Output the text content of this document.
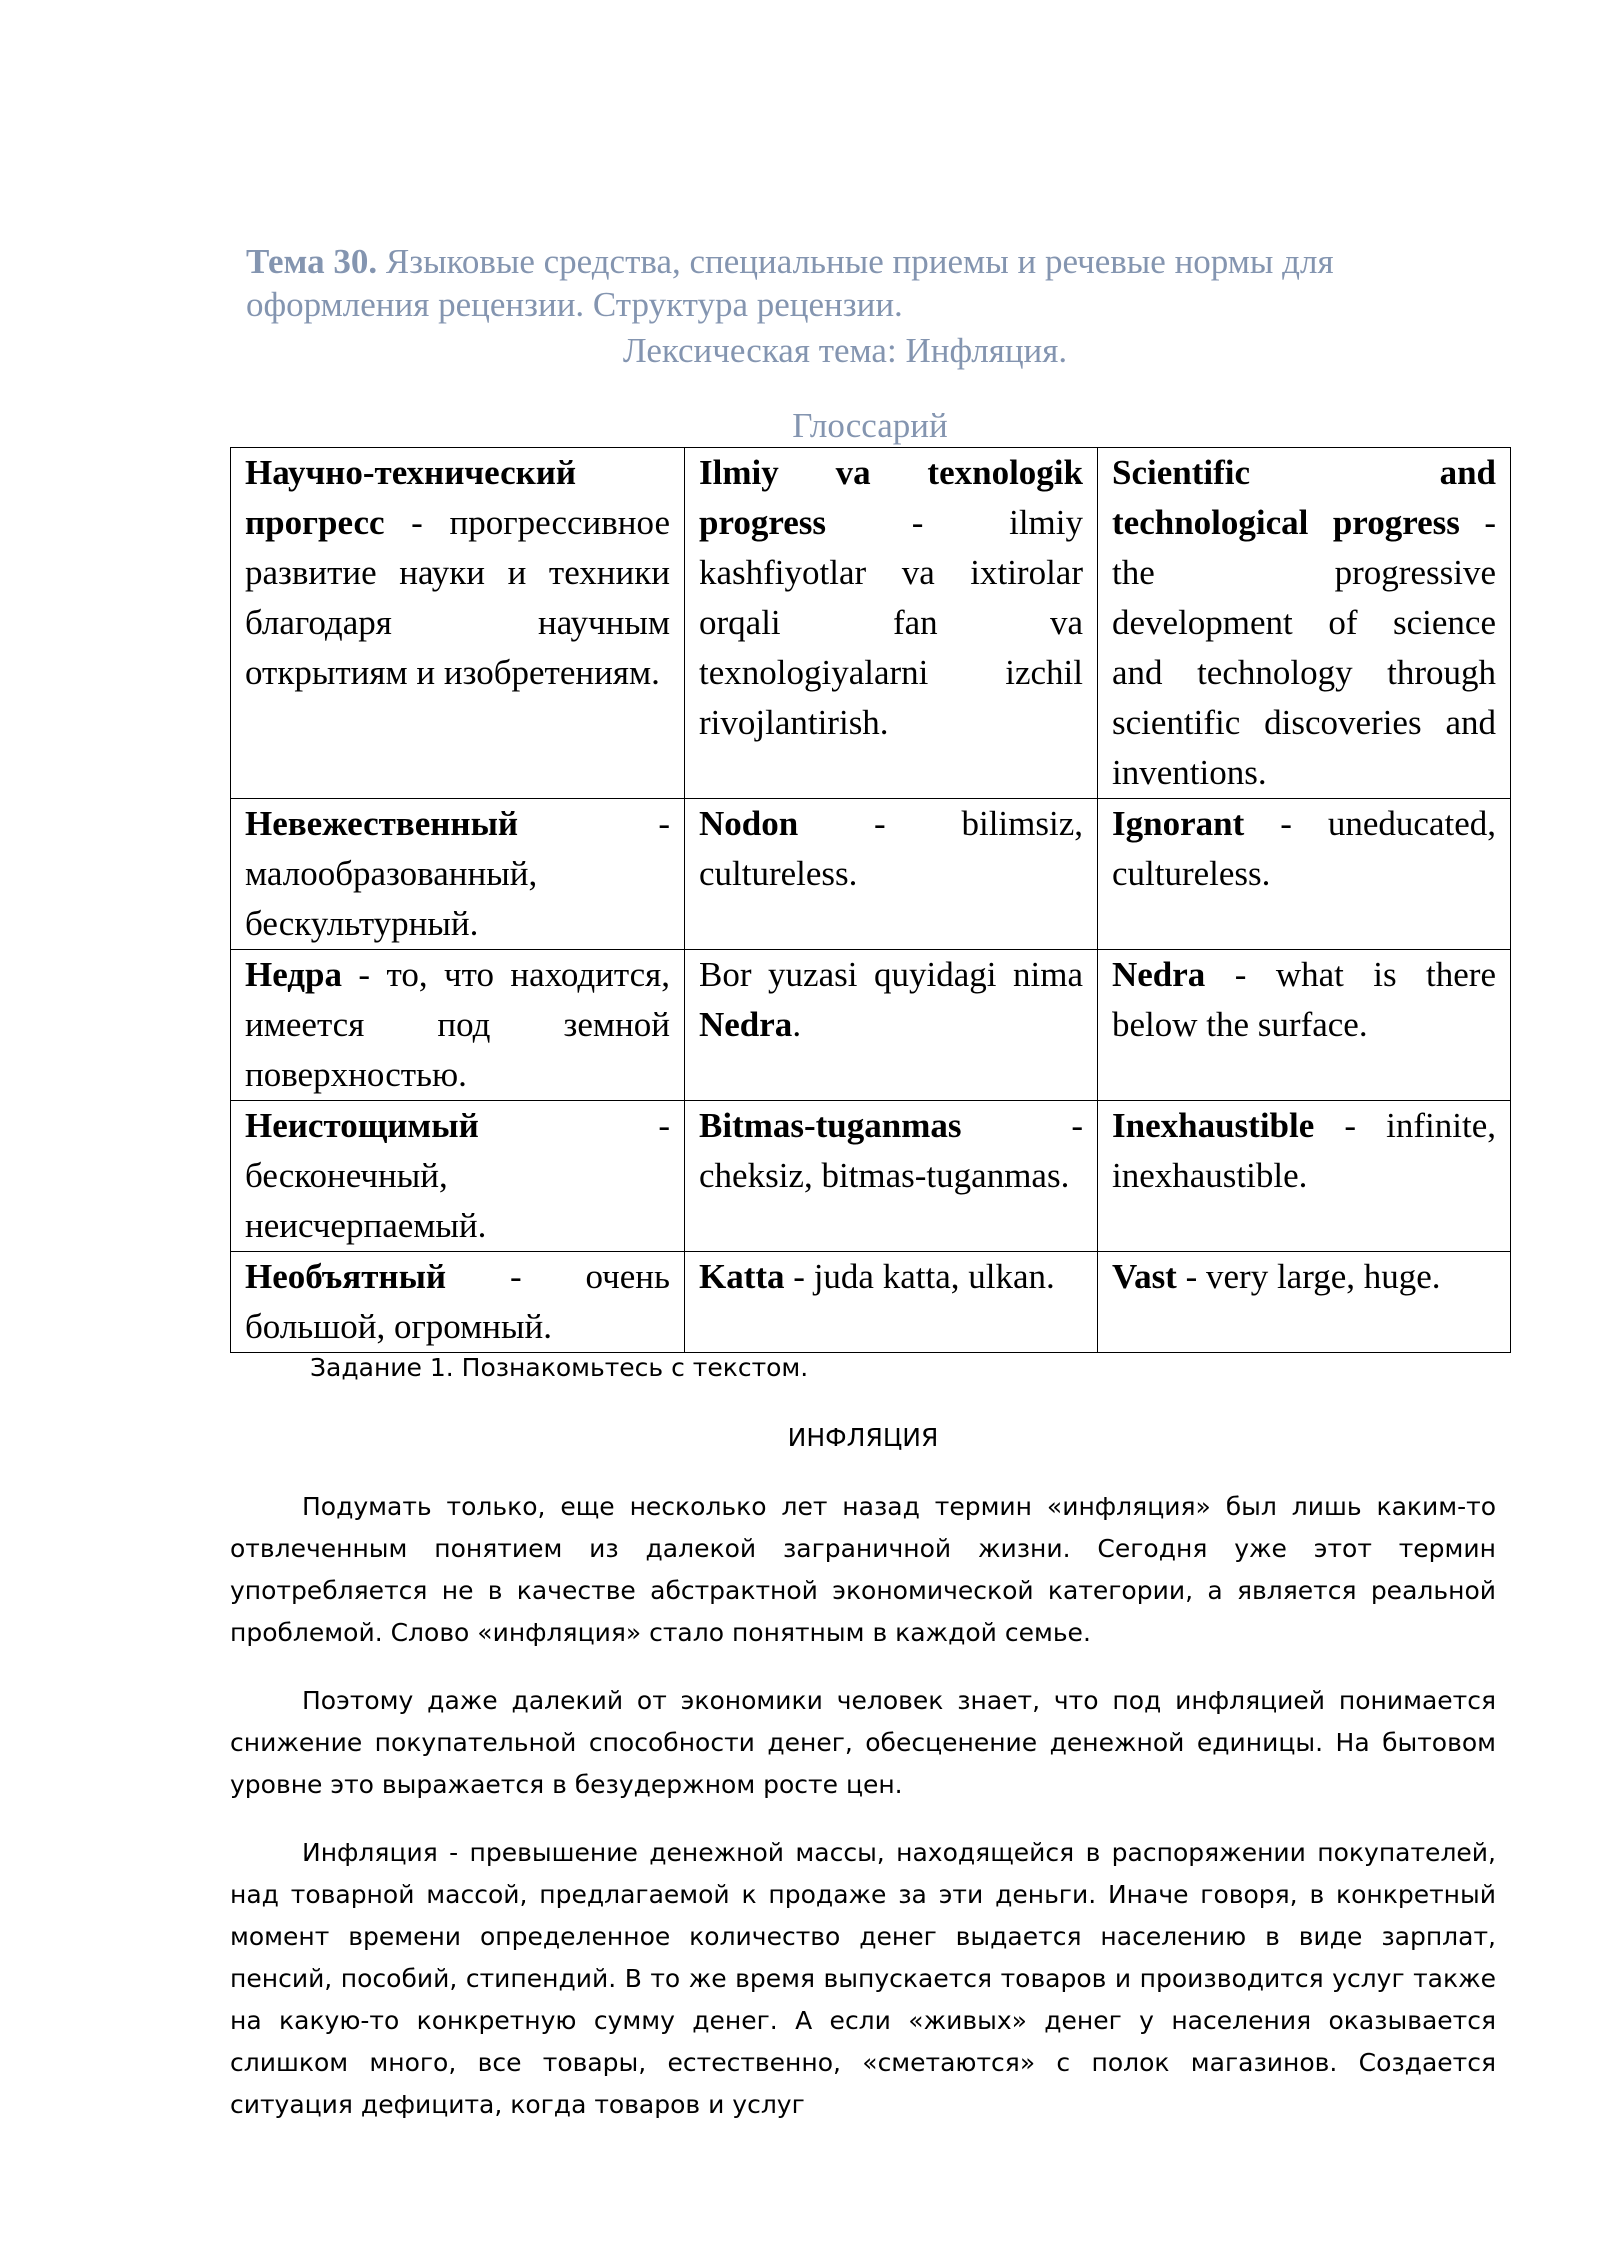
Тема 30. Языковые средства, специальные приемы и речевые нормы для оформления рецензии. Структура рецензии.
Лексическая тема: Инфляция.
Глоссарий
Научно-технический прогресс - прогрессивное развитие науки и техники благодаря научным открытиям и изобретениям.	Ilmiy va texnologik progress - ilmiy kashfiyotlar va ixtirolar orqali fan va texnologiyalarni izchil rivojlantirish.	Scientific and technological progress - the progressive development of science and technology through scientific discoveries and inventions.
Невежественный - малообразованный, бескультурный.	Nodon - bilimsiz, cultureless.	Ignorant - uneducated, cultureless.
Недра - то, что находится, имеется под земной поверхностью.	Bor yuzasi quyidagi nima Nedra.	Nedra - what is there below the surface.
Неистощимый - бесконечный, неисчерпаемый.	Bitmas-tuganmas - cheksiz, bitmas-tuganmas.	Inexhaustible - infinite, inexhaustible.
Необъятный - очень большой, огромный.	Katta - juda katta, ulkan.	Vast - very large, huge.
Задание 1. Познакомьтесь с текстом.
ИНФЛЯЦИЯ
Подумать только, еще несколько лет назад термин «инфляция» был лишь каким-то отвлеченным понятием из далекой заграничной жизни. Сегодня уже этот термин употребляется не в качестве абстрактной экономической категории, а является реальной проблемой. Слово «инфляция» стало понятным в каждой семье.
Поэтому даже далекий от экономики человек знает, что под инфляцией понимается снижение покупательной способности денег, обесценение денежной единицы. На бытовом уровне это выражается в безудержном росте цен.
Инфляция - превышение денежной массы, находящейся в распоряжении покупателей, над товарной массой, предлагаемой к продаже за эти деньги. Иначе говоря, в конкретный момент времени определенное количество денег выдается населению в виде зарплат, пенсий, пособий, стипендий. В то же время выпускается товаров и производится услуг также на какую-то конкретную сумму денег. А если «живых» денег у населения оказывается слишком много, все товары, естественно, «сметаются» с полок магазинов. Создается ситуация дефицита, когда товаров и услуг
